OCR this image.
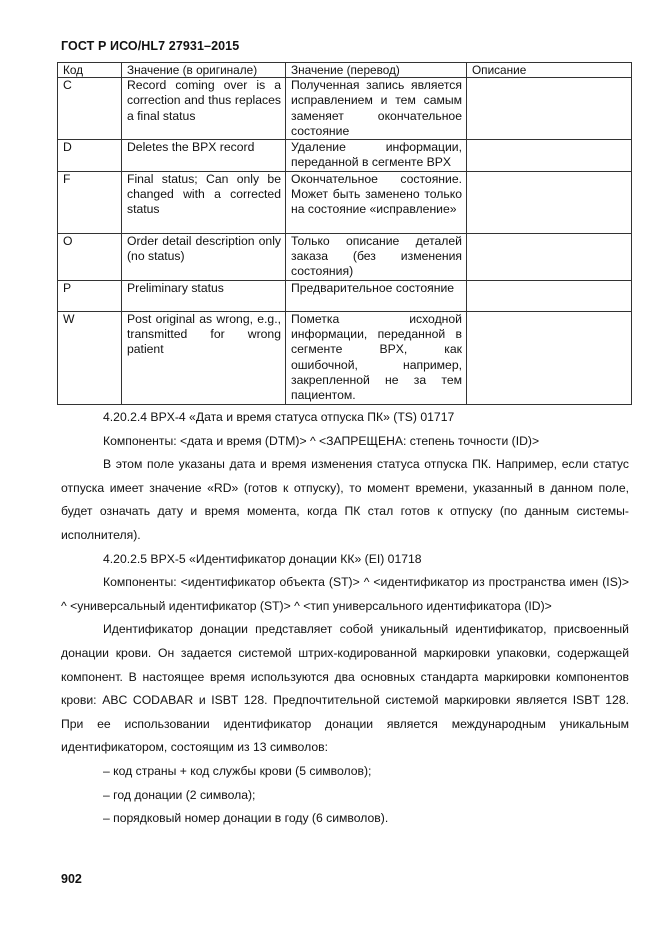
ГОСТ Р ИСО/HL7 27931–2015
Код	Значение (в оригинале)	Значение (перевод)	Описание
C	Record coming over is a correction and thus replaces a final status	Полученная запись является исправлением и тем самым заменяет окончательное состояние	
D	Deletes the BPX record	Удаление информации, переданной в сегменте BPX	
F	Final status; Can only be changed with a corrected status	Окончательное состояние. Может быть заменено только на состояние «исправление»	
O	Order detail description only (no status)	Только описание деталей заказа (без изменения состояния)	
P	Preliminary status	Предварительное состояние	
W	Post original as wrong, e.g., transmitted for wrong patient	Пометка исходной информации, переданной в сегменте BPX, как ошибочной, например, закрепленной не за тем пациентом.	

4.20.2.4 BPX-4 «Дата и время статуса отпуска ПК» (TS) 01717

Компоненты: <дата и время (DTM)> ^ <ЗАПРЕЩЕНА: степень точности (ID)>

В этом поле указаны дата и время изменения статуса отпуска ПК. Например, если статус отпуска имеет значение «RD» (готов к отпуску), то момент времени, указанный в данном поле, будет означать дату и время момента, когда ПК стал готов к отпуску (по данным системы-исполнителя).

4.20.2.5 BPX-5 «Идентификатор донации КК» (EI) 01718

Компоненты: <идентификатор объекта (ST)> ^ <идентификатор из пространства имен (IS)> ^ <универсальный идентификатор (ST)> ^ <тип универсального идентификатора (ID)>

Идентификатор донации представляет собой уникальный идентификатор, присвоенный донации крови. Он задается системой штрих-кодированной маркировки упаковки, содержащей компонент. В настоящее время используются два основных стандарта маркировки компонентов крови: ABC CODABAR и ISBT 128. Предпочтительной системой маркировки является ISBT 128. При ее использовании идентификатор донации является международным уникальным идентификатором, состоящим из 13 символов:

– код страны + код службы крови (5 символов);

– год донации (2 символа);

– порядковый номер донации в году (6 символов).

902
